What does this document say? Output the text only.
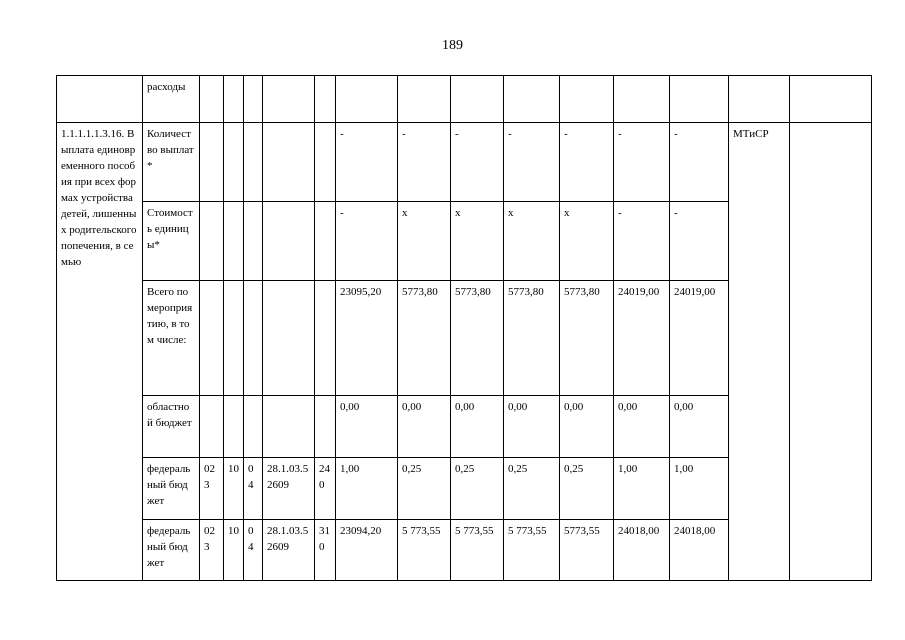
189
	расходы														
1.1.1.1.1.3.16. Выплата единовременного пособия при всех формах устройства детей, лишенных родительского попечения, в семью	Количество выплат*						-	-	-	-	-	-	-	МТиСР	
	Стоимость единицы*						-	х	х	х	х	-	-		
	Всего по мероприятию, в том числе:						23095,20	5773,80	5773,80	5773,80	5773,80	24019,00	24019,00		
	областной бюджет						0,00	0,00	0,00	0,00	0,00	0,00	0,00		
	федеральный бюджет	023	10	04	28.1.03.52609	240	1,00	0,25	0,25	0,25	0,25	1,00	1,00		
	федеральный бюджет	023	10	04	28.1.03.52609	310	23094,20	5 773,55	5 773,55	5 773,55	5773,55	24018,00	24018,00		
